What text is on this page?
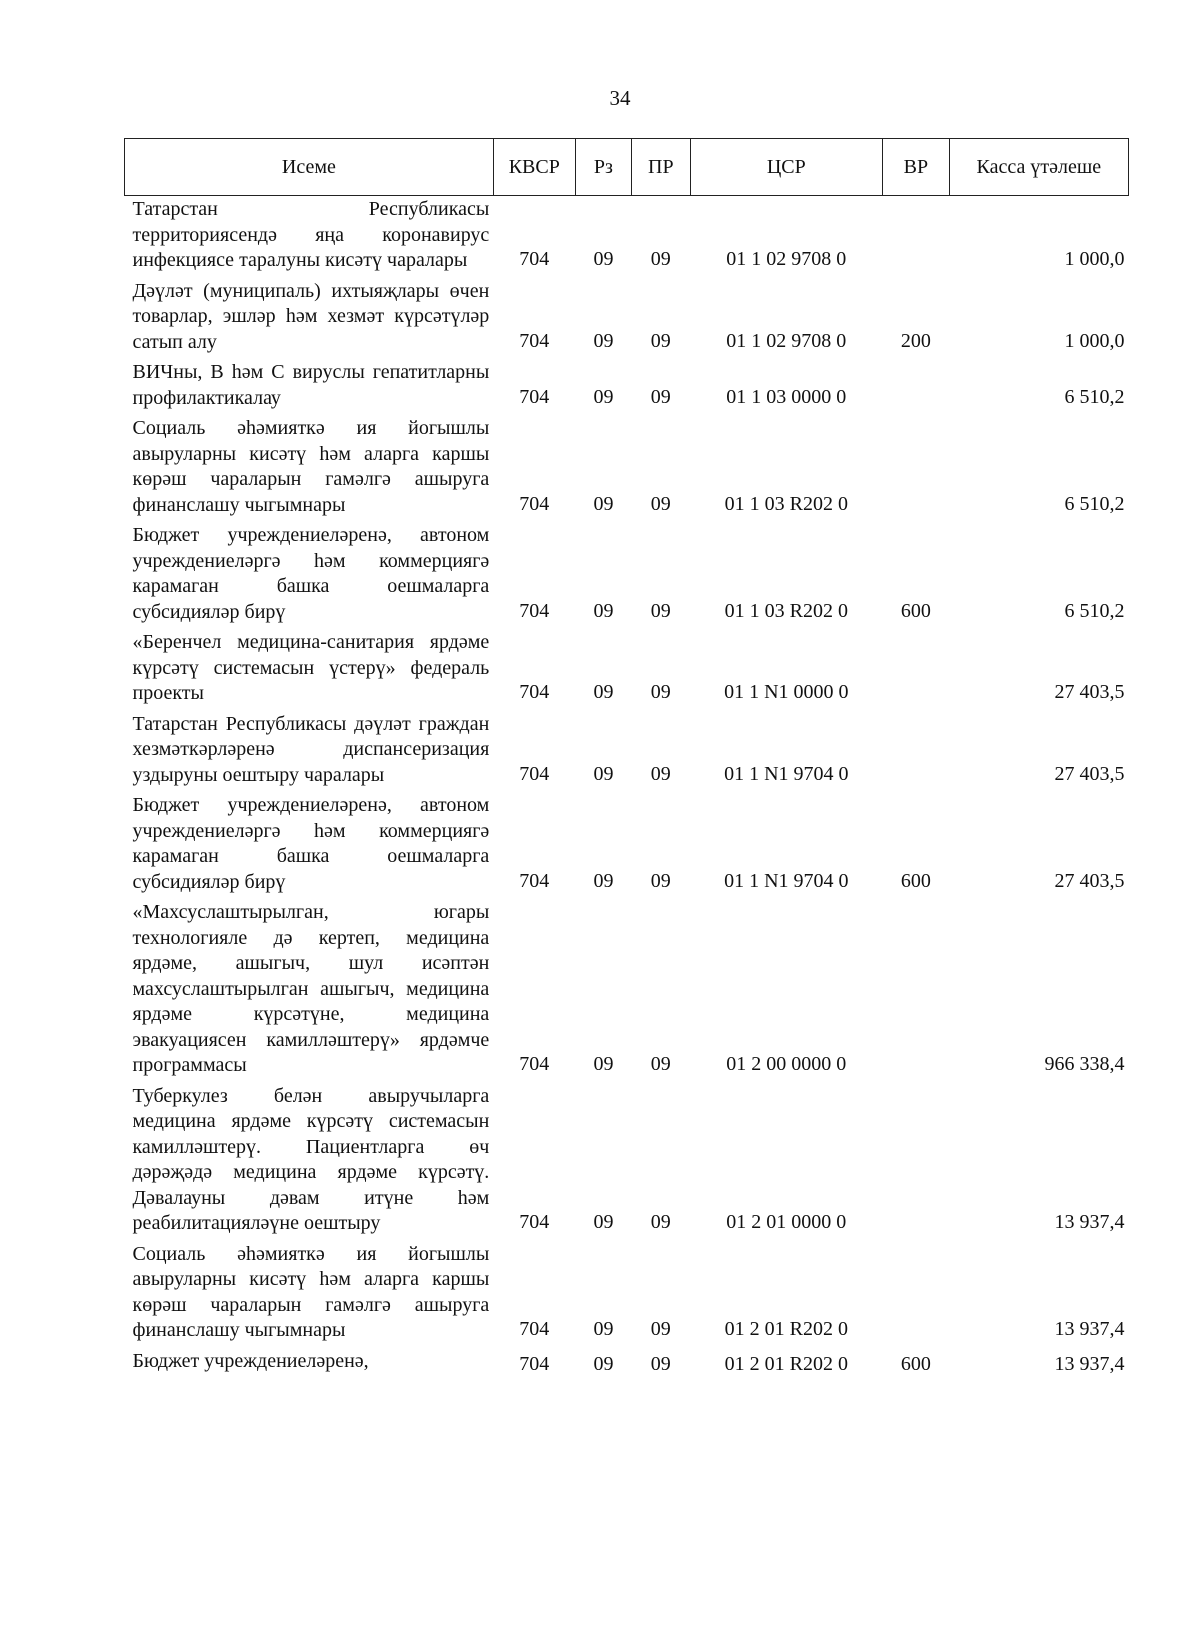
34
Исеме	КВСР	Рз	ПР	ЦСР	ВР	Касса үтәлеше
Татарстан Республикасы территориясендә яңа коронавирус инфекциясе таралуны кисәтү чаралары	704	09	09	01 1 02 9708 0		1 000,0
Дәүләт (муниципаль) ихтыяҗлары өчен товарлар, эшләр һәм хезмәт күрсәтүләр сатып алу	704	09	09	01 1 02 9708 0	200	1 000,0
ВИЧны, В һәм С вируслы гепатитларны профилактикалау	704	09	09	01 1 03 0000 0		6 510,2
Социаль әһәмияткә ия йогышлы авыруларны кисәтү һәм аларга каршы көрәш чараларын гамәлгә ашыруга финанслашу чыгымнары	704	09	09	01 1 03 R202 0		6 510,2
Бюджет учреждениеләренә, автоном учреждениеләргә һәм коммерциягә карамаган башка оешмаларга субсидияләр бирү	704	09	09	01 1 03 R202 0	600	6 510,2
«Беренчел медицина-санитария ярдәме күрсәтү системасын үстерү» федераль проекты	704	09	09	01 1 N1 0000 0		27 403,5
Татарстан Республикасы дәүләт граждан хезмәткәрләренә диспансеризация уздыруны оештыру чаралары	704	09	09	01 1 N1 9704 0		27 403,5
Бюджет учреждениеләренә, автоном учреждениеләргә һәм коммерциягә карамаган башка оешмаларга субсидияләр бирү	704	09	09	01 1 N1 9704 0	600	27 403,5
«Махсуслаштырылган, югары технологияле дә кертеп, медицина ярдәме, ашыгыч, шул исәптән махсуслаштырылган ашыгыч, медицина ярдәме күрсәтүне, медицина эвакуациясен камилләштерү» ярдәмче программасы	704	09	09	01 2 00 0000 0		966 338,4
Туберкулез белән авыручыларга медицина ярдәме күрсәтү системасын камилләштерү. Пациентларга өч дәрәҗәдә медицина ярдәме күрсәтү. Дәвалауны дәвам итүне һәм реабилитацияләүне оештыру	704	09	09	01 2 01 0000 0		13 937,4
Социаль әһәмияткә ия йогышлы авыруларны кисәтү һәм аларга каршы көрәш чараларын гамәлгә ашыруга финанслашу чыгымнары	704	09	09	01 2 01 R202 0		13 937,4
Бюджет учреждениеләренә,	704	09	09	01 2 01 R202 0	600	13 937,4
